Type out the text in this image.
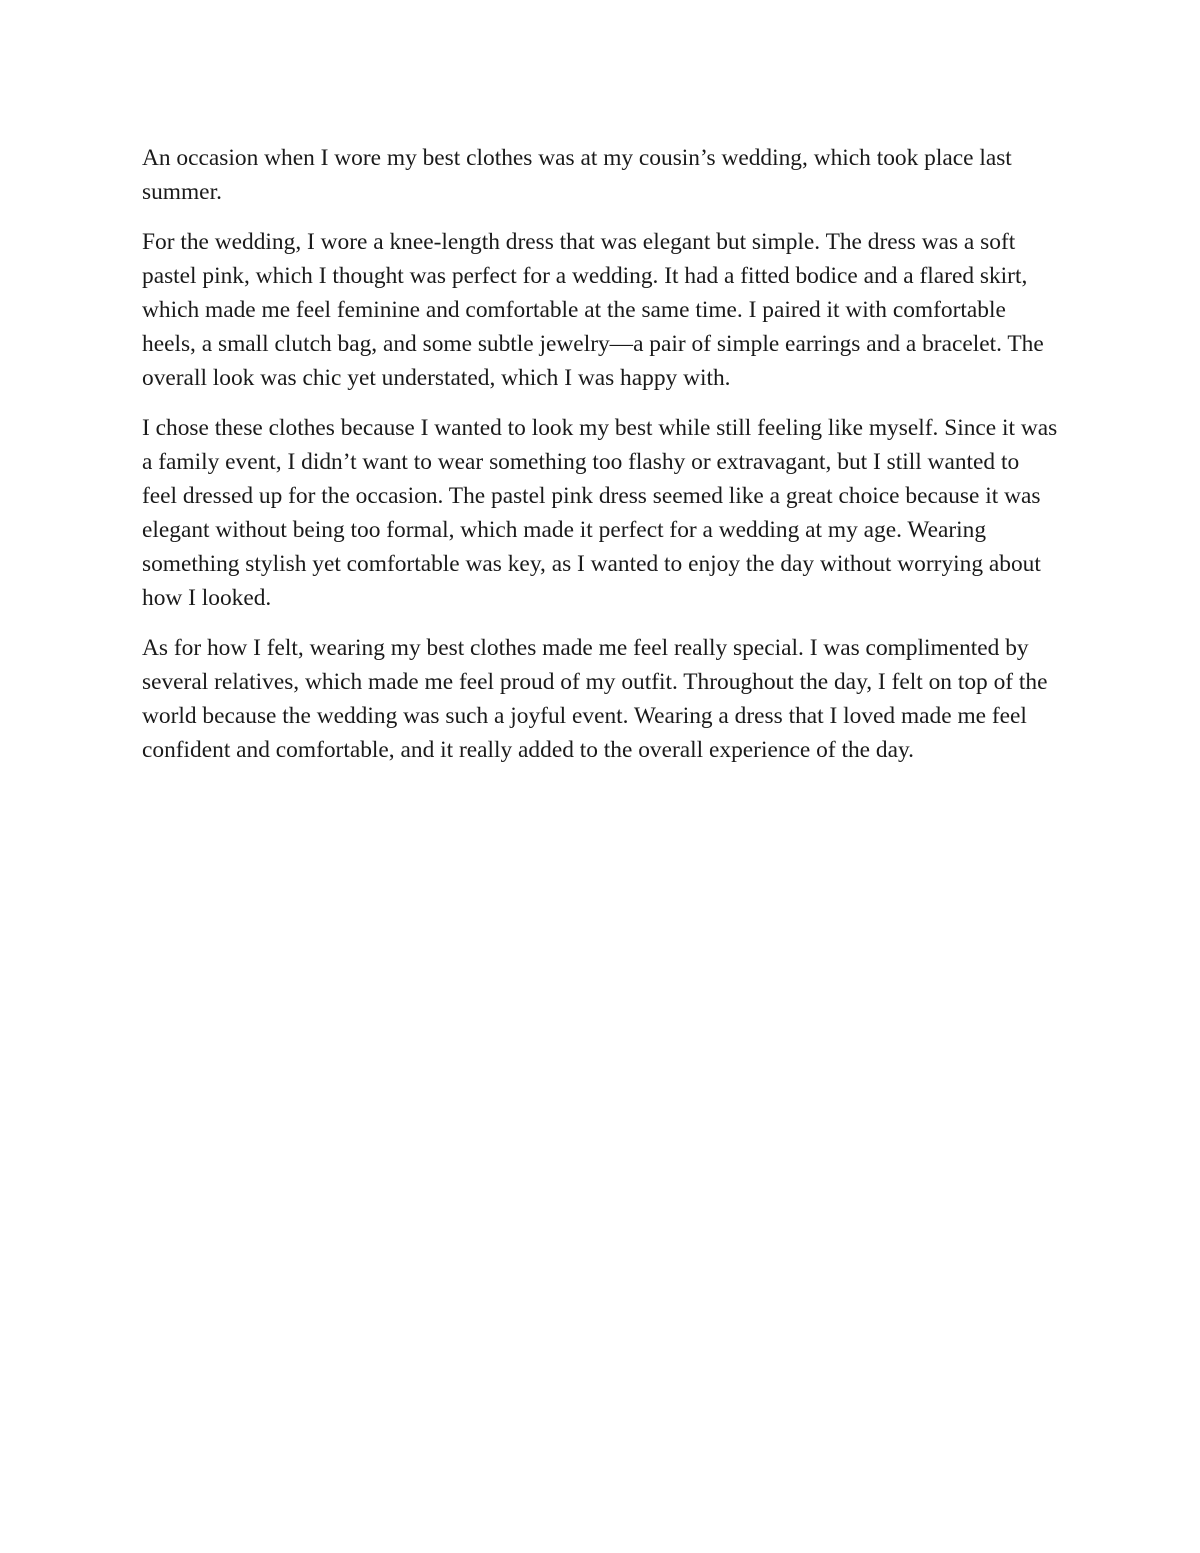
An occasion when I wore my best clothes was at my cousin’s wedding, which took place last summer.

For the wedding, I wore a knee-length dress that was elegant but simple. The dress was a soft pastel pink, which I thought was perfect for a wedding. It had a fitted bodice and a flared skirt, which made me feel feminine and comfortable at the same time. I paired it with comfortable heels, a small clutch bag, and some subtle jewelry—a pair of simple earrings and a bracelet. The overall look was chic yet understated, which I was happy with.

I chose these clothes because I wanted to look my best while still feeling like myself. Since it was a family event, I didn’t want to wear something too flashy or extravagant, but I still wanted to feel dressed up for the occasion. The pastel pink dress seemed like a great choice because it was elegant without being too formal, which made it perfect for a wedding at my age. Wearing something stylish yet comfortable was key, as I wanted to enjoy the day without worrying about how I looked.

As for how I felt, wearing my best clothes made me feel really special. I was complimented by several relatives, which made me feel proud of my outfit. Throughout the day, I felt on top of the world because the wedding was such a joyful event. Wearing a dress that I loved made me feel confident and comfortable, and it really added to the overall experience of the day.
